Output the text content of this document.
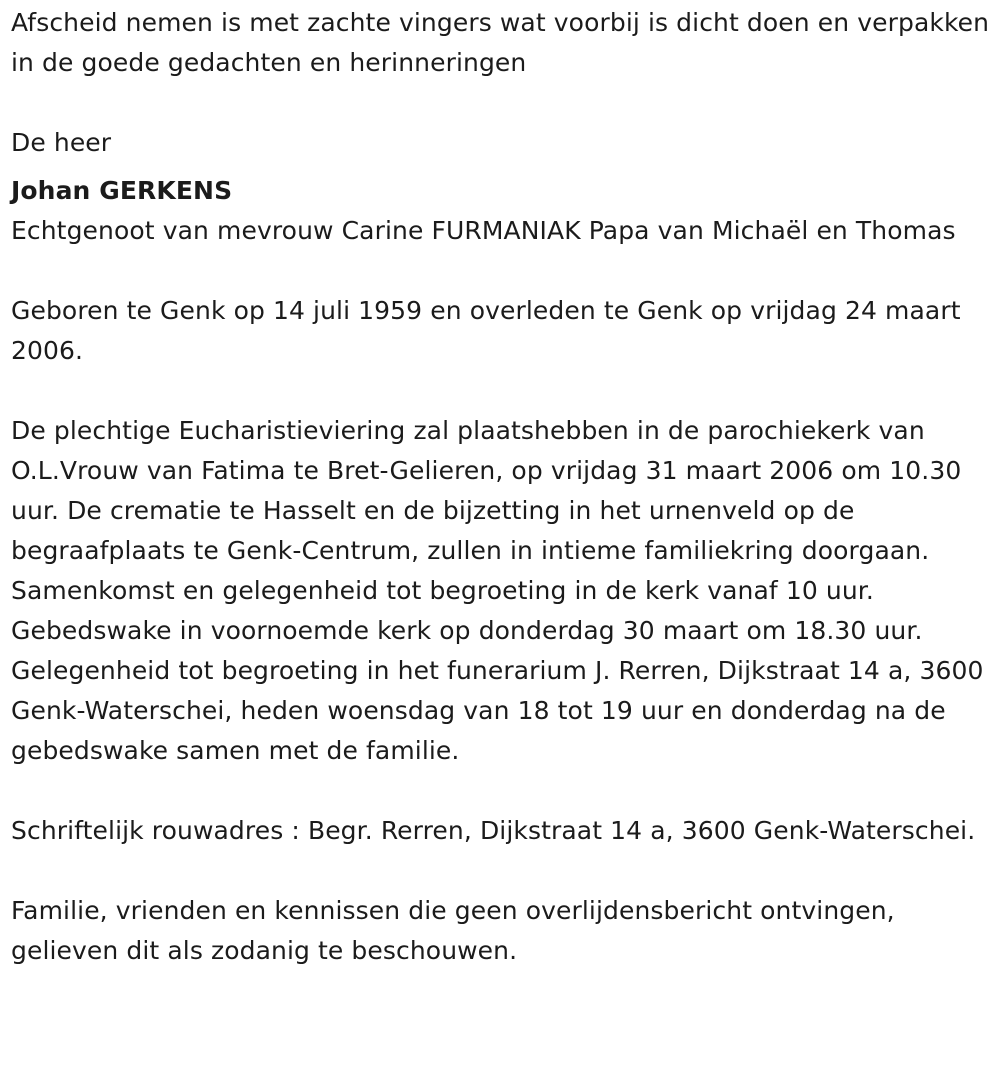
Afscheid nemen is met zachte vingers wat voorbij is dicht doen en verpakken in de goede gedachten en herinneringen

De heer

Johan GERKENS

Echtgenoot van mevrouw Carine FURMANIAK Papa van Michaël en Thomas

Geboren te Genk op 14 juli 1959 en overleden te Genk op vrijdag 24 maart 2006.

De plechtige Eucharistieviering zal plaatshebben in de parochiekerk van O.L.Vrouw van Fatima te Bret-Gelieren, op vrijdag 31 maart 2006 om 10.30 uur. De crematie te Hasselt en de bijzetting in het urnenveld op de begraafplaats te Genk-Centrum, zullen in intieme familiekring doorgaan. Samenkomst en gelegenheid tot begroeting in de kerk vanaf 10 uur. Gebedswake in voornoemde kerk op donderdag 30 maart om 18.30 uur. Gelegenheid tot begroeting in het funerarium J. Rerren, Dijkstraat 14 a, 3600 Genk-Waterschei, heden woensdag van 18 tot 19 uur en donderdag na de gebedswake samen met de familie.

Schriftelijk rouwadres : Begr. Rerren, Dijkstraat 14 a, 3600 Genk-Waterschei.

Familie, vrienden en kennissen die geen overlijdensbericht ontvingen, gelieven dit als zodanig te beschouwen.
